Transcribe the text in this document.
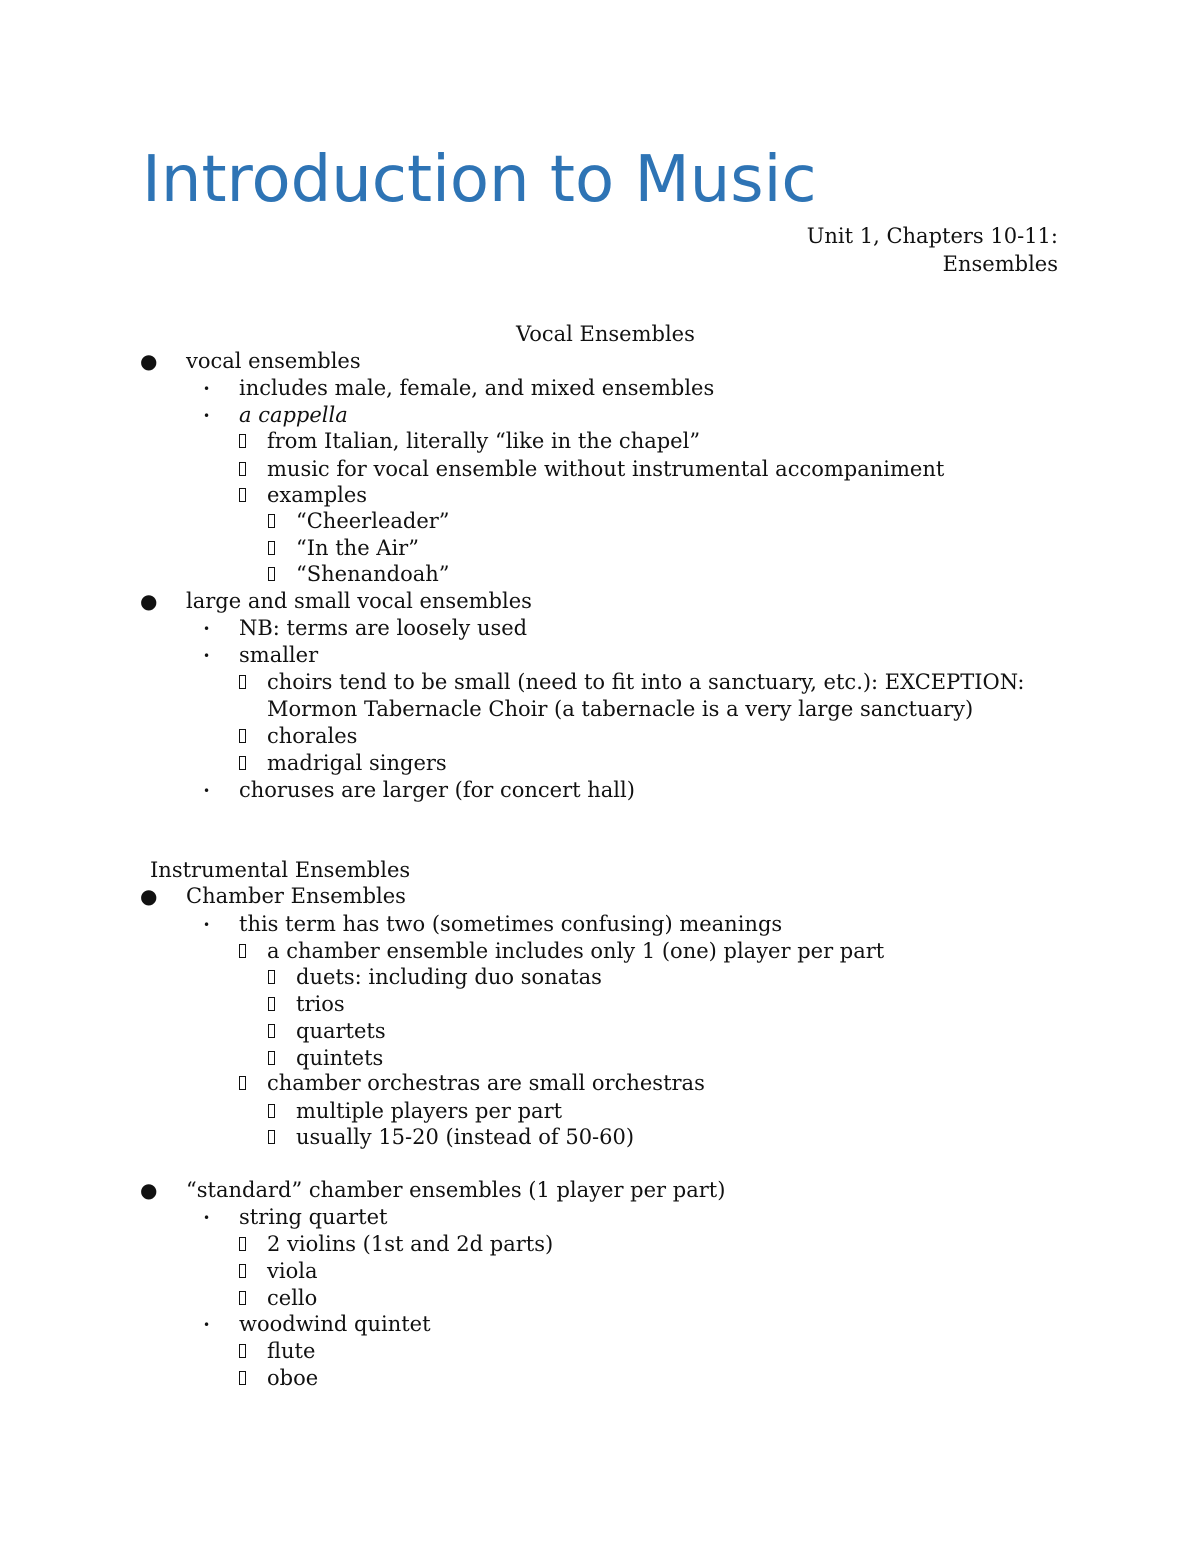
Introduction to Music
Unit 1, Chapters 10-11:
Ensembles
Vocal Ensembles
● vocal ensembles
• includes male, female, and mixed ensembles
• a cappella
from Italian, literally “like in the chapel”
music for vocal ensemble without instrumental accompaniment
examples
“Cheerleader”
“In the Air”
“Shenandoah”
● large and small vocal ensembles
• NB: terms are loosely used
• smaller
choirs tend to be small (need to fit into a sanctuary, etc.): EXCEPTION: Mormon Tabernacle Choir (a tabernacle is a very large sanctuary)
chorales
madrigal singers
• choruses are larger (for concert hall)
Instrumental Ensembles
● Chamber Ensembles
• this term has two (sometimes confusing) meanings
a chamber ensemble includes only 1 (one) player per part
duets: including duo sonatas
trios
quartets
quintets
chamber orchestras are small orchestras
multiple players per part
usually 15-20 (instead of 50-60)
● “standard” chamber ensembles (1 player per part)
• string quartet
2 violins (1st and 2d parts)
viola
cello
• woodwind quintet
flute
oboe
